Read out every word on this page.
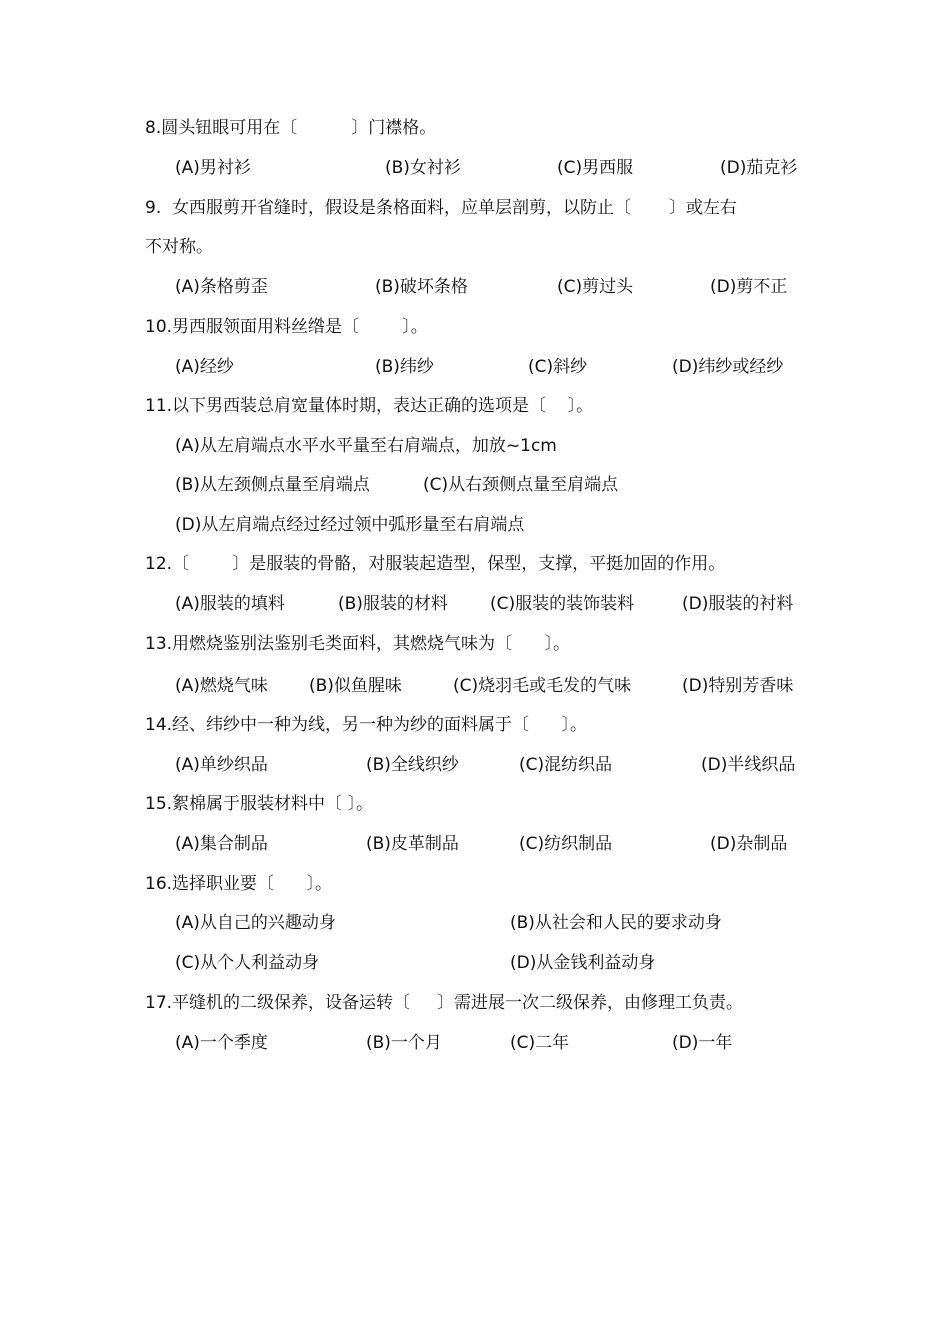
8.圆头钮眼可用在〔          〕门襟格。
(A)男衬衫	(B)女衬衫	(C)男西服	(D)茄克衫
9.  女西服剪开省缝时，假设是条格面料，应单层剖剪，以防止〔       〕或左右
不对称。
(A)条格剪歪	(B)破坏条格	(C)剪过头	(D)剪不正
10.男西服领面用料丝绺是〔        〕。
(A)经纱	(B)纬纱	(C)斜纱	(D)纬纱或经纱
11.以下男西装总肩宽量体时期，表达正确的选项是〔    〕。
(A)从左肩端点水平水平量至右肩端点，加放~1cm
(B)从左颈侧点量至肩端点	(C)从右颈侧点量至肩端点
(D)从左肩端点经过经过领中弧形量至右肩端点
12.〔        〕是服装的骨骼，对服装起造型，保型，支撑，平挺加固的作用。
(A)服装的填料	(B)服装的材料 (C)服装的装饰装料	(D)服装的衬料
13.用燃烧鉴别法鉴别毛类面料，其燃烧气味为〔      〕。
(A)燃烧气味 (B)似鱼腥味	(C)烧羽毛或毛发的气味	(D)特别芳香味
14.经、纬纱中一种为线，另一种为纱的面料属于〔      〕。
(A)单纱织品	(B)全线织纱	(C)混纺织品	(D)半线织品
15.絮棉属于服装材料中〔 〕。
(A)集合制品	(B)皮革制品	(C)纺织制品	(D)杂制品
16.选择职业要〔      〕。
(A)从自己的兴趣动身	(B)从社会和人民的要求动身
(C)从个人利益动身	(D)从金钱利益动身
17.平缝机的二级保养，设备运转〔     〕需进展一次二级保养，由修理工负责。
(A)一个季度	(B)一个月	(C)二年	(D)一年
